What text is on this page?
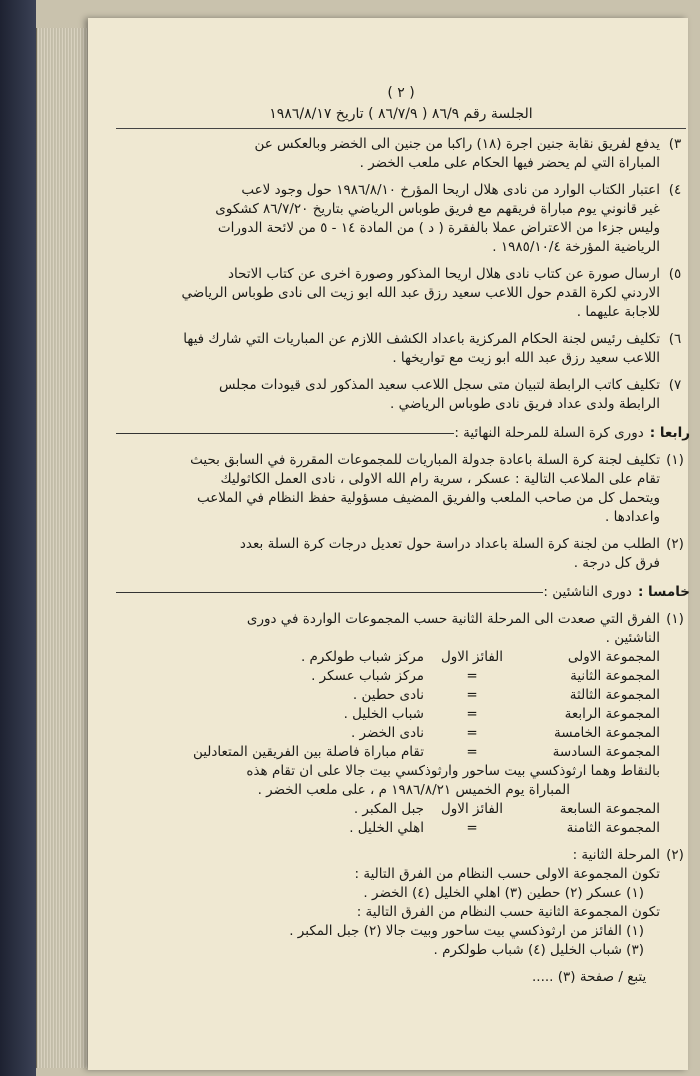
( ٢ )
الجلسة رقم ٨٦/٩ ( ٨٦/٧/٩ ) تاريخ ١٩٨٦/٨/١٧
٣)

يدفع لفريق نقابة جنين اجرة (١٨) راكبا من جنين الى الخضر وبالعكس عن

المباراة التي لم يحضر فيها الحكام على ملعب الخضر .

٤)

اعتبار الكتاب الوارد من نادى هلال اريحا المؤرخ ١٩٨٦/٨/١٠ حول وجود لاعب

غير قانوني يوم مباراة فريقهم مع فريق طوباس الرياضي بتاريخ ٨٦/٧/٢٠ كشكوى

وليس جزءا من الاعتراض عملا بالفقرة ( د ) من المادة ١٤ - ٥ من لائحة الدورات

الرياضية المؤرخة ١٩٨٥/١٠/٤ .

٥)

ارسال صورة عن كتاب نادى هلال اريحا المذكور وصورة اخرى عن كتاب الاتحاد

الاردني لكرة القدم حول اللاعب سعيد رزق عبد الله ابو زيت الى نادى طوباس الرياضي

للاجابة عليهما .

٦)

تكليف رئيس لجنة الحكام المركزية باعداد الكشف اللازم عن المباريات التي شارك فيها

اللاعب سعيد رزق عبد الله ابو زيت مع تواريخها .

٧)

تكليف كاتب الرابطة لتبيان متى سجل اللاعب سعيد المذكور لدى قيودات مجلس

الرابطة ولدى عداد فريق نادى طوباس الرياضي .

رابعا :
دورى كرة السلة للمرحلة النهائية :
(١)

تكليف لجنة كرة السلة باعادة جدولة المباريات للمجموعات المقررة في السابق بحيث

تقام على الملاعب التالية : عسكر ، سرية رام الله الاولى ، نادى العمل الكاثوليك

ويتحمل كل من صاحب الملعب والفريق المضيف مسؤولية حفظ النظام في الملاعب

واعدادها .

(٢)

الطلب من لجنة كرة السلة باعداد دراسة حول تعديل درجات كرة السلة بعدد

فرق كل درجة .

خامسا :
دورى الناشئين :
(١)

الفرق التي صعدت الى المرحلة الثانية حسب المجموعات الواردة في دورى

الناشئين .

المجموعة الاولى
الفائز الاول
مركز شباب طولكرم .
المجموعة الثانية
=
مركز شباب عسكر .
المجموعة الثالثة
=
نادى حطين .
المجموعة الرابعة
=
شباب الخليل .
المجموعة الخامسة
=
نادى الخضر .
المجموعة السادسة
=
تقام مباراة فاصلة بين الفريقين المتعادلين

بالنقاط وهما ارثوذكسي بيت ساحور وارثوذكسي بيت جالا على ان تقام هذه

المباراة يوم الخميس ١٩٨٦/٨/٢١ م ، على ملعب الخضر .

المجموعة السابعة
الفائز الاول
جبل المكبر .
المجموعة الثامنة
=
اهلي الخليل .
(٢)

المرحلة الثانية :

تكون المجموعة الاولى حسب النظام من الفرق التالية :

(١) عسكر (٢) حطين (٣) اهلي الخليل (٤) الخضر .

تكون المجموعة الثانية حسب النظام من الفرق التالية :

(١) الفائز من ارثوذكسي بيت ساحور وبيت جالا (٢) جبل المكبر .

(٣) شباب الخليل (٤) شباب طولكرم .

يتبع / صفحة (٣) .....
